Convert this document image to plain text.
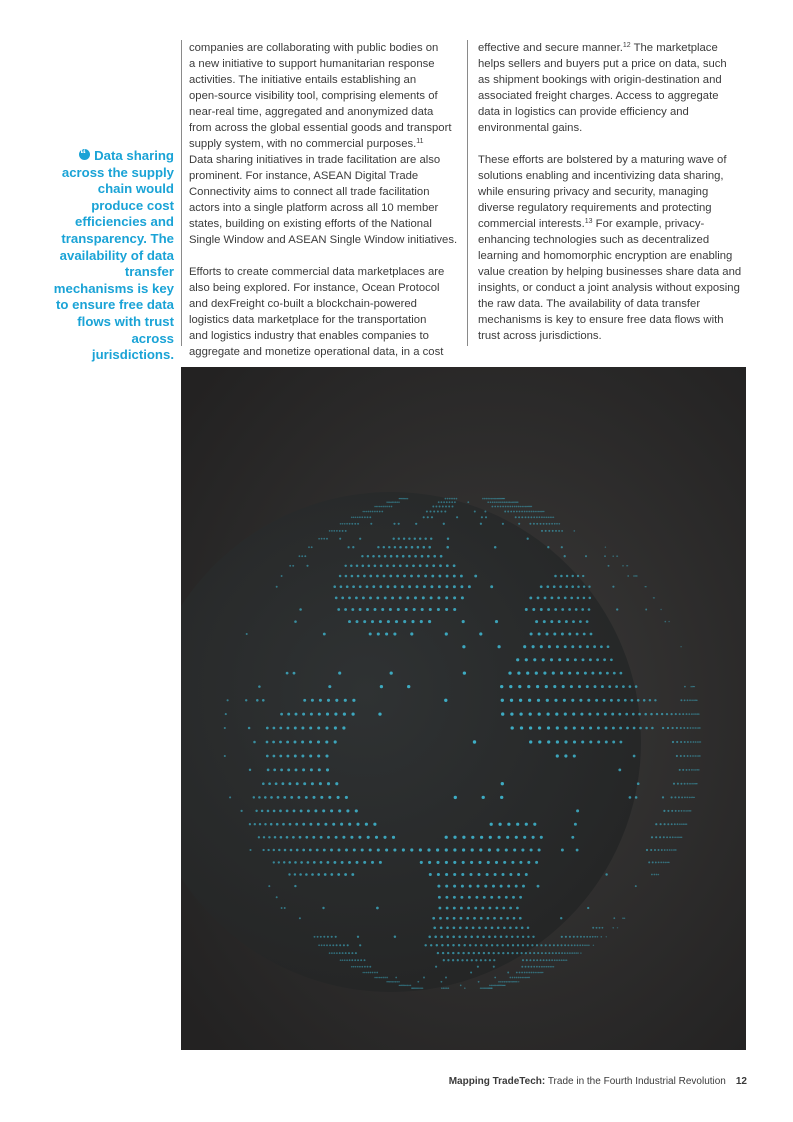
“Data sharing across the supply chain would produce cost efficiencies and transparency. The availability of data transfer mechanisms is key to ensure free data flows with trust across jurisdictions.

companies are collaborating with public bodies on
a new initiative to support humanitarian response
activities. The initiative entails establishing an
open-source visibility tool, comprising elements of
near-real time, aggregated and anonymized data
from across the global essential goods and transport
supply system, with no commercial purposes.$^{11}$

Data sharing initiatives in trade facilitation are also
prominent. For instance, ASEAN Digital Trade
Connectivity aims to connect all trade facilitation
actors into a single platform across all 10 member
states, building on existing efforts of the National
Single Window and ASEAN Single Window initiatives.

Efforts to create commercial data marketplaces are
also being explored. For instance, Ocean Protocol
and dexFreight co-built a blockchain-powered
logistics data marketplace for the transportation
and logistics industry that enables companies to
aggregate and monetize operational data, in a cost

effective and secure manner.$^{12}$ The marketplace
helps sellers and buyers put a price on data, such
as shipment bookings with origin-destination and
associated freight charges. Access to aggregate
data in logistics can provide efficiency and
environmental gains.

These efforts are bolstered by a maturing wave of
solutions enabling and incentivizing data sharing,
while ensuring privacy and security, managing
diverse regulatory requirements and protecting
commercial interests.$^{13}$ For example, privacy-
enhancing technologies such as decentralized
learning and homomorphic encryption are enabling
value creation by helping businesses share data and
insights, or conduct a joint analysis without exposing
the raw data. The availability of data transfer
mechanisms is key to ensure free data flows with
trust across jurisdictions.

Mapping TradeTech: Trade in the Fourth Industrial Revolution 12
